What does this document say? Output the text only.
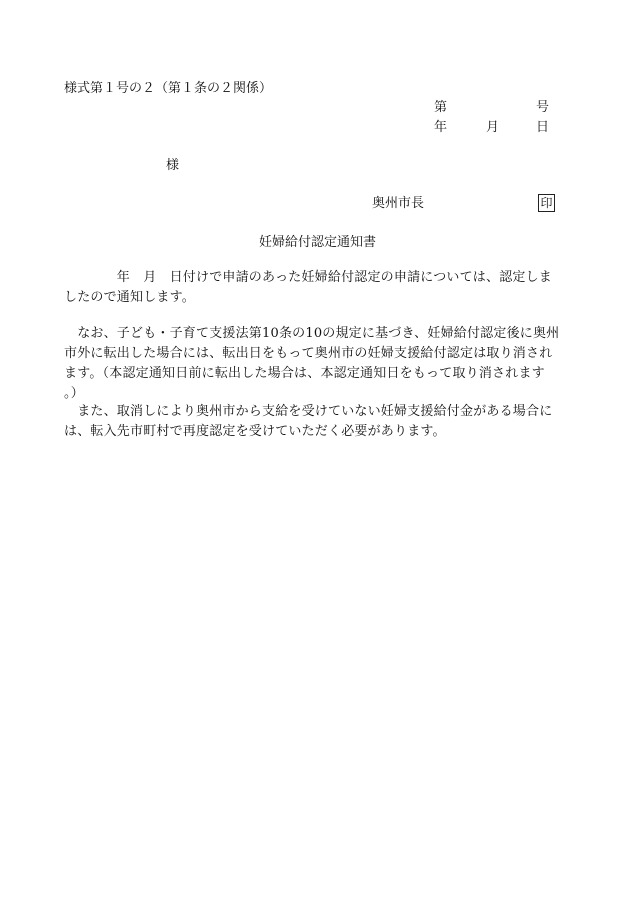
様式第１号の２（第１条の２関係）
第	号
年	月	日
様
奥州市長	印
妊婦給付認定通知書
　　　　年　月　日付けで申請のあった妊婦給付認定の申請については、認定しま
したので通知します。
　なお、子ども・子育て支援法第10条の10の規定に基づき、妊婦給付認定後に奥州
市外に転出した場合には、転出日をもって奥州市の妊婦支援給付認定は取り消され
ます。（本認定通知日前に転出した場合は、本認定通知日をもって取り消されます
。）
　また、取消しにより奥州市から支給を受けていない妊婦支援給付金がある場合に
は、転入先市町村で再度認定を受けていただく必要があります。
